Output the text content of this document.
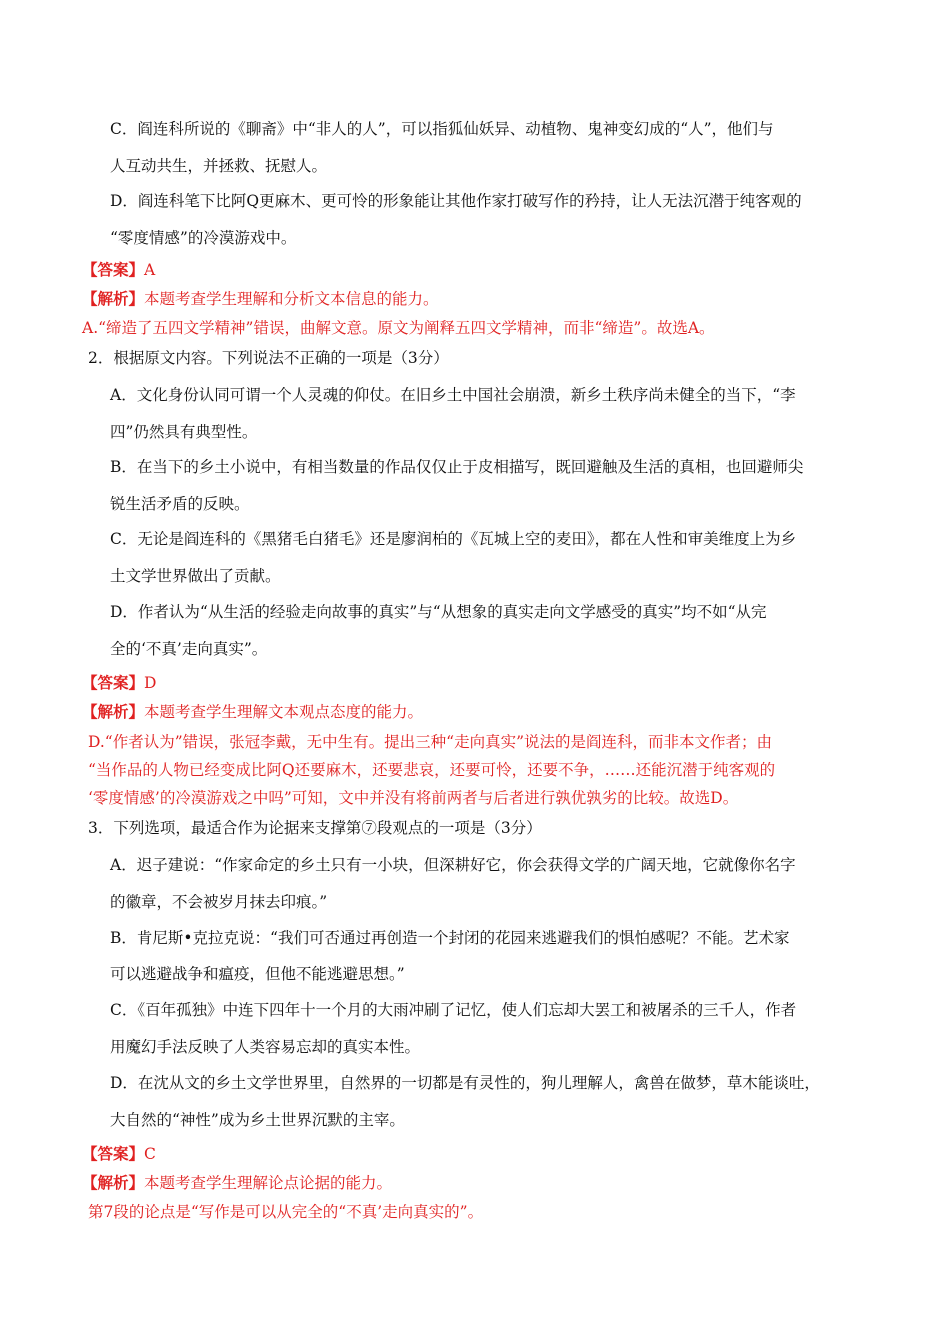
C．阎连科所说的《聊斋》中“非人的人”，可以指狐仙妖异、动植物、鬼神变幻成的“人”，他们与
人互动共生，并拯救、抚慰人。
D．阎连科笔下比阿Q更麻木、更可怜的形象能让其他作家打破写作的矜持，让人无法沉潜于纯客观的
“零度情感”的冷漠游戏中。
【答案】A
【解析】本题考查学生理解和分析文本信息的能力。
A.“缔造了五四文学精神”错误，曲解文意。原文为阐释五四文学精神，而非“缔造”。故选A。
2．根据原文内容。下列说法不正确的一项是（3分）
A．文化身份认同可谓一个人灵魂的仰仗。在旧乡土中国社会崩溃，新乡土秩序尚未健全的当下，“李
四”仍然具有典型性。
B．在当下的乡土小说中，有相当数量的作品仅仅止于皮相描写，既回避触及生活的真相，也回避师尖
锐生活矛盾的反映。
C．无论是阎连科的《黑猪毛白猪毛》还是廖润柏的《瓦城上空的麦田》，都在人性和审美维度上为乡
土文学世界做出了贡献。
D．作者认为“从生活的经验走向故事的真实”与“从想象的真实走向文学感受的真实”均不如“从完
全的‘不真’走向真实”。
【答案】D
【解析】本题考查学生理解文本观点态度的能力。
D.“作者认为”错误，张冠李戴，无中生有。提出三种“走向真实”说法的是阎连科，而非本文作者；由
“当作品的人物已经变成比阿Q还要麻木，还要悲哀，还要可怜，还要不争，……还能沉潜于纯客观的
‘零度情感’的冷漠游戏之中吗”可知，文中并没有将前两者与后者进行孰优孰劣的比较。故选D。
3．下列选项，最适合作为论据来支撑第⑦段观点的一项是（3分）
A．迟子建说：“作家命定的乡土只有一小块，但深耕好它，你会获得文学的广阔天地，它就像你名字
的徽章，不会被岁月抹去印痕。”
B．肯尼斯•克拉克说：“我们可否通过再创造一个封闭的花园来逃避我们的惧怕感呢？不能。艺术家
可以逃避战争和瘟疫，但他不能逃避思想。”
C．《百年孤独》中连下四年十一个月的大雨冲刷了记忆，使人们忘却大罢工和被屠杀的三千人，作者
用魔幻手法反映了人类容易忘却的真实本性。
D．在沈从文的乡土文学世界里，自然界的一切都是有灵性的，狗儿理解人，禽兽在做梦，草木能谈吐，
大自然的“神性”成为乡土世界沉默的主宰。
【答案】C
【解析】本题考查学生理解论点论据的能力。
第7段的论点是“写作是可以从完全的“不真’走向真实的”。
